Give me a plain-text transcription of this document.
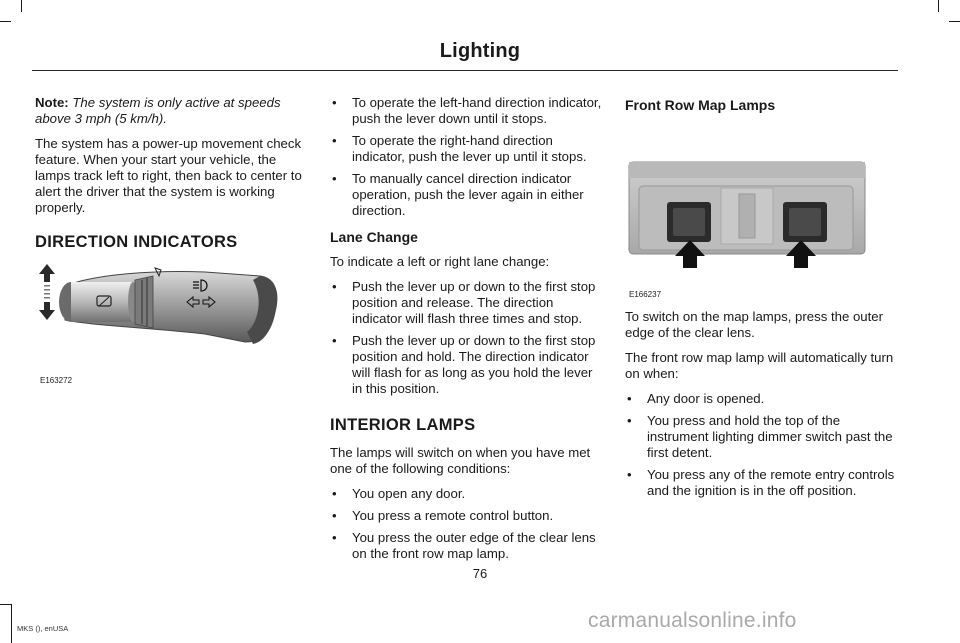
Lighting

Note: The system is only active at speeds above 3 mph (5 km/h).

The system has a power-up movement check feature. When your start your vehicle, the lamps track left to right, then back to center to alert the driver that the system is working properly.

DIRECTION INDICATORS
E163272
• To operate the left-hand direction indicator, push the lever down until it stops.
• To operate the right-hand direction indicator, push the lever up until it stops.
• To manually cancel direction indicator operation, push the lever again in either direction.
Lane Change

To indicate a left or right lane change:

• Push the lever up or down to the first stop position and release. The direction indicator will flash three times and stop.
• Push the lever up or down to the first stop position and hold. The direction indicator will flash for as long as you hold the lever in this position.
INTERIOR LAMPS

The lamps will switch on when you have met one of the following conditions:

• You open any door.
• You press a remote control button.
• You press the outer edge of the clear lens on the front row map lamp.
Front Row Map Lamps
E166237

To switch on the map lamps, press the outer edge of the clear lens.

The front row map lamp will automatically turn on when:

• Any door is opened.
• You press and hold the top of the instrument lighting dimmer switch past the first detent.
• You press any of the remote entry controls and the ignition is in the off position.
76
MKS (), enUSA	carmanualsonline.info
